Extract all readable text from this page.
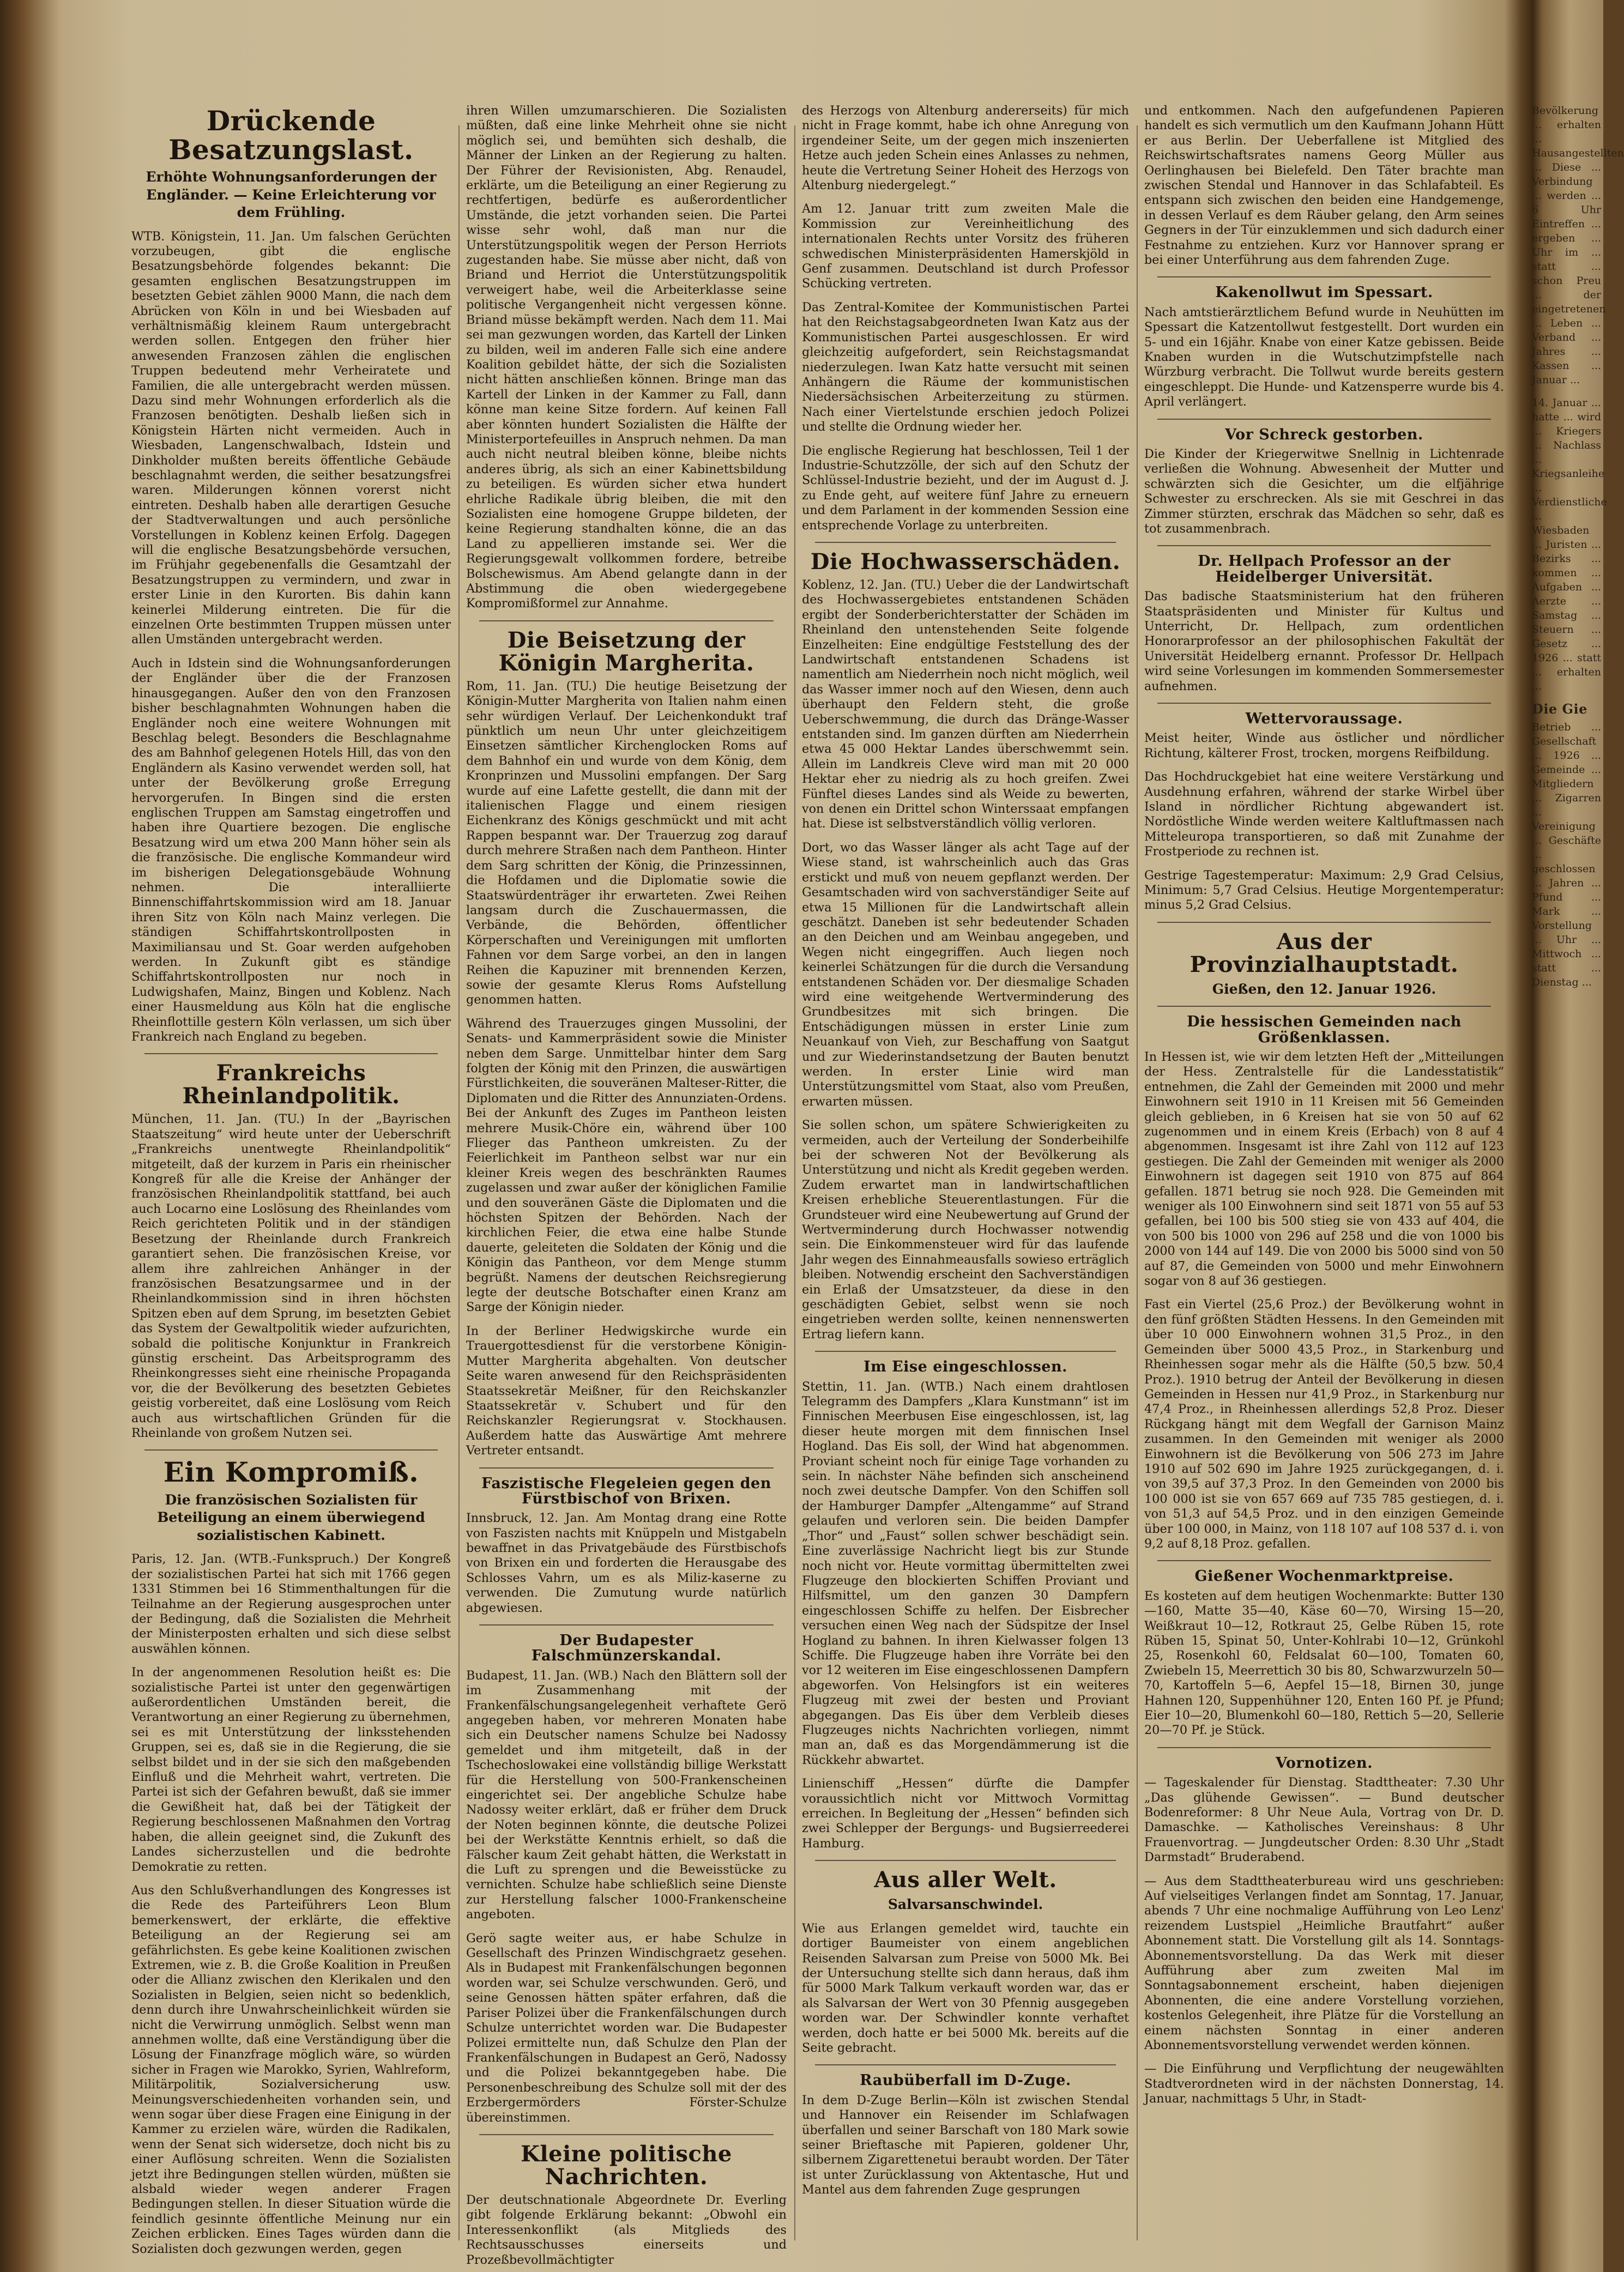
Drückende Besatzungslast.
Erhöhte Wohnungsanforderungen der Engländer. — Keine Erleichterung vor dem Frühling.
WTB. Königstein, 11. Jan. Um falschen Gerüchten vorzubeugen, gibt die englische Besatzungsbehörde folgendes bekannt: Die gesamten englischen Besatzungstruppen im besetzten Gebiet zählen 9000 Mann, die nach dem Abrücken von Köln in und bei Wiesbaden auf verhältnismäßig kleinem Raum untergebracht werden sollen. Entgegen den früher hier anwesenden Franzosen zählen die englischen Truppen bedeutend mehr Verheiratete und Familien, die alle untergebracht werden müssen. Dazu sind mehr Wohnungen erforderlich als die Franzosen benötigten. Deshalb ließen sich in Königstein Härten nicht vermeiden. Auch in Wiesbaden, Langenschwalbach, Idstein und Dinkholder mußten bereits öffentliche Gebäude beschlagnahmt werden, die seither besatzungsfrei waren. Milderungen können vorerst nicht eintreten. Deshalb haben alle derartigen Gesuche der Stadtverwaltungen und auch persönliche Vorstellungen in Koblenz keinen Erfolg. Dagegen will die englische Besatzungsbehörde versuchen, im Frühjahr gegebenenfalls die Gesamtzahl der Besatzungstruppen zu vermindern, und zwar in erster Linie in den Kurorten. Bis dahin kann keinerlei Milderung eintreten. Die für die einzelnen Orte bestimmten Truppen müssen unter allen Umständen untergebracht werden.
Auch in Idstein sind die Wohnungsanforderungen der Engländer über die der Franzosen hinausgegangen. Außer den von den Franzosen bisher beschlagnahmten Wohnungen haben die Engländer noch eine weitere Wohnungen mit Beschlag belegt. Besonders die Beschlagnahme des am Bahnhof gelegenen Hotels Hill, das von den Engländern als Kasino verwendet werden soll, hat unter der Bevölkerung große Erregung hervorgerufen. In Bingen sind die ersten englischen Truppen am Samstag eingetroffen und haben ihre Quartiere bezogen. Die englische Besatzung wird um etwa 200 Mann höher sein als die französische. Die englische Kommandeur wird im bisherigen Delegationsgebäude Wohnung nehmen. Die interalliierte Binnenschiffahrtskommission wird am 18. Januar ihren Sitz von Köln nach Mainz verlegen. Die ständigen Schiffahrtskontrollposten in Maximiliansau und St. Goar werden aufgehoben werden. In Zukunft gibt es ständige Schiffahrtskontrollposten nur noch in Ludwigshafen, Mainz, Bingen und Koblenz. Nach einer Hausmeldung aus Köln hat die englische Rheinflottille gestern Köln verlassen, um sich über Frankreich nach England zu begeben.
Frankreichs Rheinlandpolitik.
München, 11. Jan. (TU.) In der „Bayrischen Staatszeitung“ wird heute unter der Ueberschrift „Frankreichs unentwegte Rheinlandpolitik“ mitgeteilt, daß der kurzem in Paris ein rheinischer Kongreß für alle die Kreise der Anhänger der französischen Rheinlandpolitik stattfand, bei auch auch Locarno eine Loslösung des Rheinlandes vom Reich gerichteten Politik und in der ständigen Besetzung der Rheinlande durch Frankreich garantiert sehen. Die französischen Kreise, vor allem ihre zahlreichen Anhänger in der französischen Besatzungsarmee und in der Rheinlandkommission sind in ihren höchsten Spitzen eben auf dem Sprung, im besetzten Gebiet das System der Gewaltpolitik wieder aufzurichten, sobald die politische Konjunktur in Frankreich günstig erscheint. Das Arbeitsprogramm des Rheinkongresses sieht eine rheinische Propaganda vor, die der Bevölkerung des besetzten Gebietes geistig vorbereitet, daß eine Loslösung vom Reich auch aus wirtschaftlichen Gründen für die Rheinlande von großem Nutzen sei.
Ein Kompromiß.
Die französischen Sozialisten für Beteiligung an einem überwiegend sozialistischen Kabinett.
Paris, 12. Jan. (WTB.-Funkspruch.) Der Kongreß der sozialistischen Partei hat sich mit 1766 gegen 1331 Stimmen bei 16 Stimmenthaltungen für die Teilnahme an der Regierung ausgesprochen unter der Bedingung, daß die Sozialisten die Mehrheit der Ministerposten erhalten und sich diese selbst auswählen können.
In der angenommenen Resolution heißt es: Die sozialistische Partei ist unter den gegenwärtigen außerordentlichen Umständen bereit, die Verantwortung an einer Regierung zu übernehmen, sei es mit Unterstützung der linksstehenden Gruppen, sei es, daß sie in die Regierung, die sie selbst bildet und in der sie sich den maßgebenden Einfluß und die Mehrheit wahrt, vertreten. Die Partei ist sich der Gefahren bewußt, daß sie immer die Gewißheit hat, daß bei der Tätigkeit der Regierung beschlossenen Maßnahmen den Vortrag haben, die allein geeignet sind, die Zukunft des Landes sicherzustellen und die bedrohte Demokratie zu retten.
Aus den Schlußverhandlungen des Kongresses ist die Rede des Parteiführers Leon Blum bemerkenswert, der erklärte, die effektive Beteiligung an der Regierung sei am gefährlichsten. Es gebe keine Koalitionen zwischen Extremen, wie z. B. die Große Koalition in Preußen oder die Allianz zwischen den Klerikalen und den Sozialisten in Belgien, seien nicht so bedenklich, denn durch ihre Unwahrscheinlichkeit würden sie nicht die Verwirrung unmöglich. Selbst wenn man annehmen wollte, daß eine Verständigung über die Lösung der Finanzfrage möglich wäre, so würden sicher in Fragen wie Marokko, Syrien, Wahlreform, Militärpolitik, Sozialversicherung usw. Meinungsverschiedenheiten vorhanden sein, und wenn sogar über diese Fragen eine Einigung in der Kammer zu erzielen wäre, würden die Radikalen, wenn der Senat sich widersetze, doch nicht bis zu einer Auflösung schreiten. Wenn die Sozialisten jetzt ihre Bedingungen stellen würden, müßten sie alsbald wieder wegen anderer Fragen Bedingungen stellen. In dieser Situation würde die feindlich gesinnte öffentliche Meinung nur ein Zeichen erblicken. Eines Tages würden dann die Sozialisten doch gezwungen werden, gegen
ihren Willen umzumarschieren. Die Sozialisten müßten, daß eine linke Mehrheit ohne sie nicht möglich sei, und bemühten sich deshalb, die Männer der Linken an der Regierung zu halten. Der Führer der Revisionisten, Abg. Renaudel, erklärte, um die Beteiligung an einer Regierung zu rechtfertigen, bedürfe es außerordentlicher Umstände, die jetzt vorhanden seien. Die Partei wisse sehr wohl, daß man nur die Unterstützungspolitik wegen der Person Herriots zugestanden habe. Sie müsse aber nicht, daß von Briand und Herriot die Unterstützungspolitik verweigert habe, weil die Arbeiterklasse seine politische Vergangenheit nicht vergessen könne. Briand müsse bekämpft werden. Nach dem 11. Mai sei man gezwungen worden, das Kartell der Linken zu bilden, weil im anderen Falle sich eine andere Koalition gebildet hätte, der sich die Sozialisten nicht hätten anschließen können. Bringe man das Kartell der Linken in der Kammer zu Fall, dann könne man keine Sitze fordern. Auf keinen Fall aber könnten hundert Sozialisten die Hälfte der Ministerportefeuilles in Anspruch nehmen. Da man auch nicht neutral bleiben könne, bleibe nichts anderes übrig, als sich an einer Kabinettsbildung zu beteiligen. Es würden sicher etwa hundert ehrliche Radikale übrig bleiben, die mit den Sozialisten eine homogene Gruppe bildeten, der keine Regierung standhalten könne, die an das Land zu appellieren imstande sei. Wer die Regierungsgewalt vollkommen fordere, betreibe Bolschewismus. Am Abend gelangte dann in der Abstimmung die oben wiedergegebene Kompromißformel zur Annahme.
Die Beisetzung der Königin Margherita.
Rom, 11. Jan. (TU.) Die heutige Beisetzung der Königin-Mutter Margherita von Italien nahm einen sehr würdigen Verlauf. Der Leichenkondukt traf pünktlich um neun Uhr unter gleichzeitigem Einsetzen sämtlicher Kirchenglocken Roms auf dem Bahnhof ein und wurde von dem König, dem Kronprinzen und Mussolini empfangen. Der Sarg wurde auf eine Lafette gestellt, die dann mit der italienischen Flagge und einem riesigen Eichenkranz des Königs geschmückt und mit acht Rappen bespannt war. Der Trauerzug zog darauf durch mehrere Straßen nach dem Pantheon. Hinter dem Sarg schritten der König, die Prinzessinnen, die Hofdamen und die Diplomatie sowie die Staatswürdenträger ihr erwarteten. Zwei Reihen langsam durch die Zuschauermassen, die Verbände, die Behörden, öffentlicher Körperschaften und Vereinigungen mit umflorten Fahnen vor dem Sarge vorbei, an den in langen Reihen die Kapuziner mit brennenden Kerzen, sowie der gesamte Klerus Roms Aufstellung genommen hatten.
Während des Trauerzuges gingen Mussolini, der Senats- und Kammerpräsident sowie die Minister neben dem Sarge. Unmittelbar hinter dem Sarg folgten der König mit den Prinzen, die auswärtigen Fürstlichkeiten, die souveränen Malteser-Ritter, die Diplomaten und die Ritter des Annunziaten-Ordens. Bei der Ankunft des Zuges im Pantheon leisten mehrere Musik-Chöre ein, während über 100 Flieger das Pantheon umkreisten. Zu der Feierlichkeit im Pantheon selbst war nur ein kleiner Kreis wegen des beschränkten Raumes zugelassen und zwar außer der königlichen Familie und den souveränen Gäste die Diplomaten und die höchsten Spitzen der Behörden. Nach der kirchlichen Feier, die etwa eine halbe Stunde dauerte, geleiteten die Soldaten der König und die Königin das Pantheon, vor dem Menge stumm begrüßt. Namens der deutschen Reichsregierung legte der deutsche Botschafter einen Kranz am Sarge der Königin nieder.
In der Berliner Hedwigskirche wurde ein Trauergottesdienst für die verstorbene Königin-Mutter Margherita abgehalten. Von deutscher Seite waren anwesend für den Reichspräsidenten Staatssekretär Meißner, für den Reichskanzler Staatssekretär v. Schubert und für den Reichskanzler Regierungsrat v. Stockhausen. Außerdem hatte das Auswärtige Amt mehrere Vertreter entsandt.
Faszistische Flegeleien gegen den Fürstbischof von Brixen.
Innsbruck, 12. Jan. Am Montag drang eine Rotte von Faszisten nachts mit Knüppeln und Mistgabeln bewaffnet in das Privatgebäude des Fürstbischofs von Brixen ein und forderten die Herausgabe des Schlosses Vahrn, um es als Miliz-kaserne zu verwenden. Die Zumutung wurde natürlich abgewiesen.
Der Budapester Falschmünzerskandal.
Budapest, 11. Jan. (WB.) Nach den Blättern soll der im Zusammenhang mit der Frankenfälschungsangelegenheit verhaftete Gerö angegeben haben, vor mehreren Monaten habe sich ein Deutscher namens Schulze bei Nadossy gemeldet und ihm mitgeteilt, daß in der Tschechoslowakei eine vollständig billige Werkstatt für die Herstellung von 500-Frankenscheinen eingerichtet sei. Der angebliche Schulze habe Nadossy weiter erklärt, daß er früher dem Druck der Noten beginnen könnte, die deutsche Polizei bei der Werkstätte Kenntnis erhielt, so daß die Fälscher kaum Zeit gehabt hätten, die Werkstatt in die Luft zu sprengen und die Beweisstücke zu vernichten. Schulze habe schließlich seine Dienste zur Herstellung falscher 1000-Frankenscheine angeboten.
Gerö sagte weiter aus, er habe Schulze in Gesellschaft des Prinzen Windischgraetz gesehen. Als in Budapest mit Frankenfälschungen begonnen worden war, sei Schulze verschwunden. Gerö, und seine Genossen hätten später erfahren, daß die Pariser Polizei über die Frankenfälschungen durch Schulze unterrichtet worden war. Die Budapester Polizei ermittelte nun, daß Schulze den Plan der Frankenfälschungen in Budapest an Gerö, Nadossy und die Polizei bekanntgegeben habe. Die Personenbeschreibung des Schulze soll mit der des Erzbergermörders Förster-Schulze übereinstimmen.
Kleine politische Nachrichten.
Der deutschnationale Abgeordnete Dr. Everling gibt folgende Erklärung bekannt: „Obwohl ein Interessenkonflikt (als Mitglieds des Rechtsausschusses einerseits und Prozeßbevollmächtigter
des Herzogs von Altenburg andererseits) für mich nicht in Frage kommt, habe ich ohne Anregung von irgendeiner Seite, um der gegen mich inszenierten Hetze auch jeden Schein eines Anlasses zu nehmen, heute die Vertretung Seiner Hoheit des Herzogs von Altenburg niedergelegt.“
Am 12. Januar tritt zum zweiten Male die Kommission zur Vereinheitlichung des internationalen Rechts unter Vorsitz des früheren schwedischen Ministerpräsidenten Hamerskjöld in Genf zusammen. Deutschland ist durch Professor Schücking vertreten.
Das Zentral-Komitee der Kommunistischen Partei hat den Reichstagsabgeordneten Iwan Katz aus der Kommunistischen Partei ausgeschlossen. Er wird gleichzeitig aufgefordert, sein Reichstagsmandat niederzulegen. Iwan Katz hatte versucht mit seinen Anhängern die Räume der kommunistischen Niedersächsischen Arbeiterzeitung zu stürmen. Nach einer Viertelstunde erschien jedoch Polizei und stellte die Ordnung wieder her.
Die englische Regierung hat beschlossen, Teil 1 der Industrie-Schutzzölle, der sich auf den Schutz der Schlüssel-Industrie bezieht, und der im August d. J. zu Ende geht, auf weitere fünf Jahre zu erneuern und dem Parlament in der kommenden Session eine entsprechende Vorlage zu unterbreiten.
Die Hochwasserschäden.
Koblenz, 12. Jan. (TU.) Ueber die der Landwirtschaft des Hochwassergebietes entstandenen Schäden ergibt der Sonderberichterstatter der Schäden im Rheinland den untenstehenden Seite folgende Einzelheiten: Eine endgültige Feststellung des der Landwirtschaft entstandenen Schadens ist namentlich am Niederrhein noch nicht möglich, weil das Wasser immer noch auf den Wiesen, denn auch überhaupt den Feldern steht, die große Ueberschwemmung, die durch das Dränge-Wasser entstanden sind. Im ganzen dürften am Niederrhein etwa 45 000 Hektar Landes überschwemmt sein. Allein im Landkreis Cleve wird man mit 20 000 Hektar eher zu niedrig als zu hoch greifen. Zwei Fünftel dieses Landes sind als Weide zu bewerten, von denen ein Drittel schon Winterssaat empfangen hat. Diese ist selbstverständlich völlig verloren.
Dort, wo das Wasser länger als acht Tage auf der Wiese stand, ist wahrscheinlich auch das Gras erstickt und muß von neuem gepflanzt werden. Der Gesamtschaden wird von sachverständiger Seite auf etwa 15 Millionen für die Landwirtschaft allein geschätzt. Daneben ist sehr bedeutender Schaden an den Deichen und am Weinbau angegeben, und Wegen nicht eingegriffen. Auch liegen noch keinerlei Schätzungen für die durch die Versandung entstandenen Schäden vor. Der diesmalige Schaden wird eine weitgehende Wertverminderung des Grundbesitzes mit sich bringen. Die Entschädigungen müssen in erster Linie zum Neuankauf von Vieh, zur Beschaffung von Saatgut und zur Wiederinstandsetzung der Bauten benutzt werden. In erster Linie wird man Unterstützungsmittel vom Staat, also vom Preußen, erwarten müssen.
Sie sollen schon, um spätere Schwierigkeiten zu vermeiden, auch der Verteilung der Sonderbeihilfe bei der schweren Not der Bevölkerung als Unterstützung und nicht als Kredit gegeben werden. Zudem erwartet man in landwirtschaftlichen Kreisen erhebliche Steuerentlastungen. Für die Grundsteuer wird eine Neubewertung auf Grund der Wertverminderung durch Hochwasser notwendig sein. Die Einkommensteuer wird für das laufende Jahr wegen des Einnahmeausfalls sowieso erträglich bleiben. Notwendig erscheint den Sachverständigen ein Erlaß der Umsatzsteuer, da diese in den geschädigten Gebiet, selbst wenn sie noch eingetrieben werden sollte, keinen nennenswerten Ertrag liefern kann.
Im Eise eingeschlossen.
Stettin, 11. Jan. (WTB.) Nach einem drahtlosen Telegramm des Dampfers „Klara Kunstmann“ ist im Finnischen Meerbusen Eise eingeschlossen, ist, lag dieser heute morgen mit dem finnischen Insel Hogland. Das Eis soll, der Wind hat abgenommen. Proviant scheint noch für einige Tage vorhanden zu sein. In nächster Nähe befinden sich anscheinend noch zwei deutsche Dampfer. Von den Schiffen soll der Hamburger Dampfer „Altengamme“ auf Strand gelaufen und verloren sein. Die beiden Dampfer „Thor“ und „Faust“ sollen schwer beschädigt sein. Eine zuverlässige Nachricht liegt bis zur Stunde noch nicht vor. Heute vormittag übermittelten zwei Flugzeuge den blockierten Schiffen Proviant und Hilfsmittel, um den ganzen 30 Dampfern eingeschlossen Schiffe zu helfen. Der Eisbrecher versuchen einen Weg nach der Südspitze der Insel Hogland zu bahnen. In ihren Kielwasser folgen 13 Schiffe. Die Flugzeuge haben ihre Vorräte bei den vor 12 weiteren im Eise eingeschlossenen Dampfern abgeworfen. Von Helsingfors ist ein weiteres Flugzeug mit zwei der besten und Proviant abgegangen. Das Eis über dem Verbleib dieses Flugzeuges nichts Nachrichten vorliegen, nimmt man an, daß es das Morgendämmerung ist die Rückkehr abwartet.
Linienschiff „Hessen“ dürfte die Dampfer voraussichtlich nicht vor Mittwoch Vormittag erreichen. In Begleitung der „Hessen“ befinden sich zwei Schlepper der Bergungs- und Bugsierreederei Hamburg.
Aus aller Welt.
Salvarsanschwindel.
Wie aus Erlangen gemeldet wird, tauchte ein dortiger Baumeister von einem angeblichen Reisenden Salvarsan zum Preise von 5000 Mk. Bei der Untersuchung stellte sich dann heraus, daß ihm für 5000 Mark Talkum verkauft worden war, das er als Salvarsan der Wert von 30 Pfennig ausgegeben worden war. Der Schwindler konnte verhaftet werden, doch hatte er bei 5000 Mk. bereits auf die Seite gebracht.
Raubüberfall im D-Zuge.
In dem D-Zuge Berlin—Köln ist zwischen Stendal und Hannover ein Reisender im Schlafwagen überfallen und seiner Barschaft von 180 Mark sowie seiner Brieftasche mit Papieren, goldener Uhr, silbernem Zigarettenetui beraubt worden. Der Täter ist unter Zurücklassung von Aktentasche, Hut und Mantel aus dem fahrenden Zuge gesprungen
und entkommen. Nach den aufgefundenen Papieren handelt es sich vermutlich um den Kaufmann Johann Hütt er aus Berlin. Der Ueberfallene ist Mitglied des Reichswirtschaftsrates namens Georg Müller aus Oerlinghausen bei Bielefeld. Den Täter brachte man zwischen Stendal und Hannover in das Schlafabteil. Es entspann sich zwischen den beiden eine Handgemenge, in dessen Verlauf es dem Räuber gelang, den Arm seines Gegners in der Tür einzuklemmen und sich dadurch einer Festnahme zu entziehen. Kurz vor Hannover sprang er bei einer Unterführung aus dem fahrenden Zuge.
Kakenollwut im Spessart.
Nach amtstierärztlichem Befund wurde in Neuhütten im Spessart die Katzentollwut festgestellt. Dort wurden ein 5- und ein 16jähr. Knabe von einer Katze gebissen. Beide Knaben wurden in die Wutschutzimpfstelle nach Würzburg verbracht. Die Tollwut wurde bereits gestern eingeschleppt. Die Hunde- und Katzensperre wurde bis 4. April verlängert.
Vor Schreck gestorben.
Die Kinder der Kriegerwitwe Snellnig in Lichtenrade verließen die Wohnung. Abwesenheit der Mutter und schwärzten sich die Gesichter, um die elfjährige Schwester zu erschrecken. Als sie mit Geschrei in das Zimmer stürzten, erschrak das Mädchen so sehr, daß es tot zusammenbrach.
Dr. Hellpach Professor an der Heidelberger Universität.
Das badische Staatsministerium hat den früheren Staatspräsidenten und Minister für Kultus und Unterricht, Dr. Hellpach, zum ordentlichen Honorarprofessor an der philosophischen Fakultät der Universität Heidelberg ernannt. Professor Dr. Hellpach wird seine Vorlesungen im kommenden Sommersemester aufnehmen.
Wettervoraussage.
Meist heiter, Winde aus östlicher und nördlicher Richtung, kälterer Frost, trocken, morgens Reifbildung.
Das Hochdruckgebiet hat eine weitere Verstärkung und Ausdehnung erfahren, während der starke Wirbel über Island in nördlicher Richtung abgewandert ist. Nordöstliche Winde werden weitere Kaltluftmassen nach Mitteleuropa transportieren, so daß mit Zunahme der Frostperiode zu rechnen ist.
Gestrige Tagestemperatur: Maximum: 2,9 Grad Celsius, Minimum: 5,7 Grad Celsius. Heutige Morgentemperatur: minus 5,2 Grad Celsius.
Aus der Provinzialhauptstadt.
Gießen, den 12. Januar 1926.
Die hessischen Gemeinden nach Größenklassen.
In Hessen ist, wie wir dem letzten Heft der „Mitteilungen der Hess. Zentralstelle für die Landesstatistik“ entnehmen, die Zahl der Gemeinden mit 2000 und mehr Einwohnern seit 1910 in 11 Kreisen mit 56 Gemeinden gleich geblieben, in 6 Kreisen hat sie von 50 auf 62 zugenommen und in einem Kreis (Erbach) von 8 auf 4 abgenommen. Insgesamt ist ihre Zahl von 112 auf 123 gestiegen. Die Zahl der Gemeinden mit weniger als 2000 Einwohnern ist dagegen seit 1910 von 875 auf 864 gefallen. 1871 betrug sie noch 928. Die Gemeinden mit weniger als 100 Einwohnern sind seit 1871 von 55 auf 53 gefallen, bei 100 bis 500 stieg sie von 433 auf 404, die von 500 bis 1000 von 296 auf 258 und die von 1000 bis 2000 von 144 auf 149. Die von 2000 bis 5000 sind von 50 auf 87, die Gemeinden von 5000 und mehr Einwohnern sogar von 8 auf 36 gestiegen.
Fast ein Viertel (25,6 Proz.) der Bevölkerung wohnt in den fünf größten Städten Hessens. In den Gemeinden mit über 10 000 Einwohnern wohnen 31,5 Proz., in den Gemeinden über 5000 43,5 Proz., in Starkenburg und Rheinhessen sogar mehr als die Hälfte (50,5 bzw. 50,4 Proz.). 1910 betrug der Anteil der Bevölkerung in diesen Gemeinden in Hessen nur 41,9 Proz., in Starkenburg nur 47,4 Proz., in Rheinhessen allerdings 52,8 Proz. Dieser Rückgang hängt mit dem Wegfall der Garnison Mainz zusammen. In den Gemeinden mit weniger als 2000 Einwohnern ist die Bevölkerung von 506 273 im Jahre 1910 auf 502 690 im Jahre 1925 zurückgegangen, d. i. von 39,5 auf 37,3 Proz. In den Gemeinden von 2000 bis 100 000 ist sie von 657 669 auf 735 785 gestiegen, d. i. von 51,3 auf 54,5 Proz. und in den einzigen Gemeinde über 100 000, in Mainz, von 118 107 auf 108 537 d. i. von 9,2 auf 8,18 Proz. gefallen.
Gießener Wochenmarktpreise.
Es kosteten auf dem heutigen Wochenmarkte: Butter 130—160, Matte 35—40, Käse 60—70, Wirsing 15—20, Weißkraut 10—12, Rotkraut 25, Gelbe Rüben 15, rote Rüben 15, Spinat 50, Unter-Kohlrabi 10—12, Grünkohl 25, Rosenkohl 60, Feldsalat 60—100, Tomaten 60, Zwiebeln 15, Meerrettich 30 bis 80, Schwarzwurzeln 50—70, Kartoffeln 5—6, Aepfel 15—18, Birnen 30, junge Hahnen 120, Suppenhühner 120, Enten 160 Pf. je Pfund; Eier 10—20, Blumenkohl 60—180, Rettich 5—20, Sellerie 20—70 Pf. je Stück.
Vornotizen.
— Tageskalender für Dienstag. Stadttheater: 7.30 Uhr „Das glühende Gewissen“. — Bund deutscher Bodenreformer: 8 Uhr Neue Aula, Vortrag von Dr. D. Damaschke. — Katholisches Vereinshaus: 8 Uhr Frauenvortrag. — Jungdeutscher Orden: 8.30 Uhr „Stadt Darmstadt“ Bruderabend.
— Aus dem Stadttheaterbureau wird uns geschrieben: Auf vielseitiges Verlangen findet am Sonntag, 17. Januar, abends 7 Uhr eine nochmalige Aufführung von Leo Lenz' reizendem Lustspiel „Heimliche Brautfahrt“ außer Abonnement statt. Die Vorstellung gilt als 14. Sonntags-Abonnementsvorstellung. Da das Werk mit dieser Aufführung aber zum zweiten Mal im Sonntagsabonnement erscheint, haben diejenigen Abonnenten, die eine andere Vorstellung vorziehen, kostenlos Gelegenheit, ihre Plätze für die Vorstellung an einem nächsten Sonntag in einer anderen Abonnementsvorstellung verwendet werden können.
— Die Einführung und Verpflichtung der neugewählten Stadtverordneten wird in der nächsten Donnerstag, 14. Januar, nachmittags 5 Uhr, in Stadt-
Bevölkerung ... erhalten ... Hausangestellten ... Diese ... Verbindung ... werden ... 6 Uhr Eintreffen ... ergeben ... Uhr im ... statt ... schon Preu ... der eingetretenen ... Leben ... Verband ... Jahres ... Kassen ... Januar ...
14. Januar ... hatte ... wird ... Kriegers ... Nachlass ... Kriegsanleihe ... Verdienstliche ... Wiesbaden ... Juristen ... Bezirks ... kommen ... Aufgaben ... Aerzte ... Samstag ... Steuern ... Gesetz ... 1926 ... statt ... erhalten ...
Die Gie
Betrieb ... Gesellschaft ... 1926 ... Gemeinde ... Mitgliedern ... Zigarren ... Vereinigung ... Geschäfte ... geschlossen ... Jahren ... Pfund ... Mark ... Vorstellung ... Uhr ... Mittwoch ... statt ... Dienstag ...
